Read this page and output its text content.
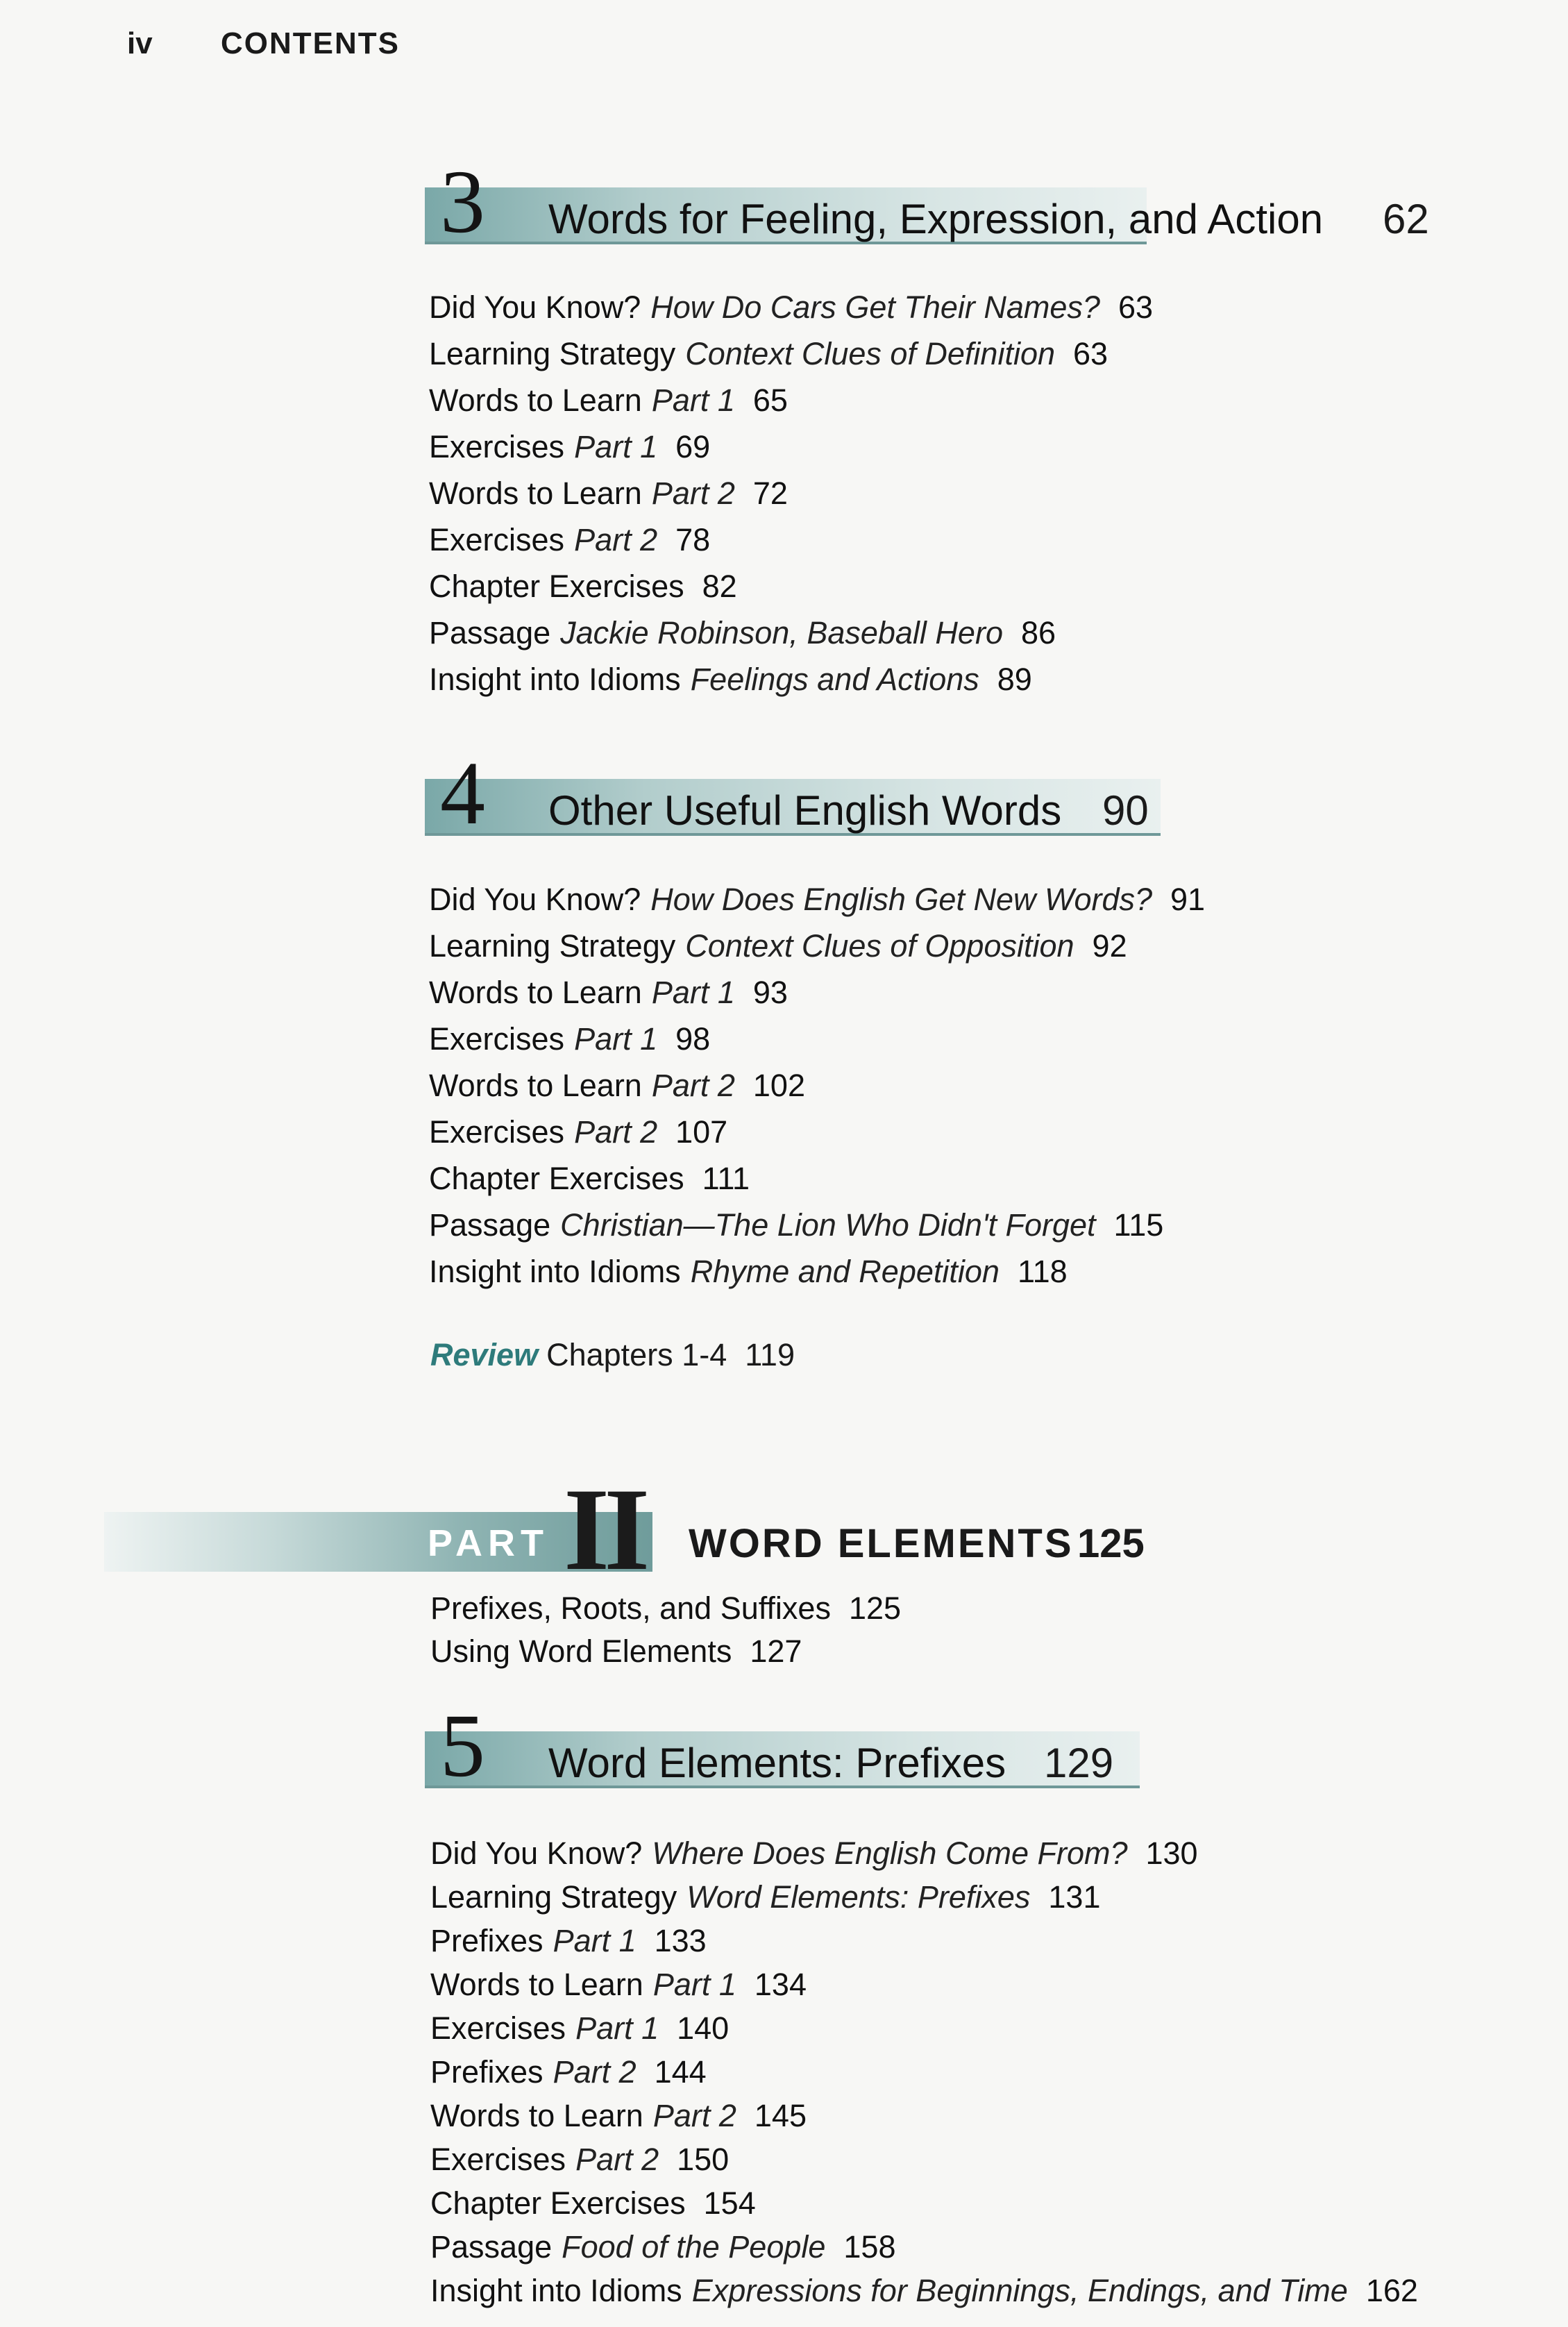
iv CONTENTS
3 Words for Feeling, Expression, and Action 62
Did You Know? How Do Cars Get Their Names? 63
Learning Strategy Context Clues of Definition 63
Words to Learn Part 1 65
Exercises Part 1 69
Words to Learn Part 2 72
Exercises Part 2 78
Chapter Exercises 82
Passage Jackie Robinson, Baseball Hero 86
Insight into Idioms Feelings and Actions 89
4 Other Useful English Words 90
Did You Know? How Does English Get New Words? 91
Learning Strategy Context Clues of Opposition 92
Words to Learn Part 1 93
Exercises Part 1 98
Words to Learn Part 2 102
Exercises Part 2 107
Chapter Exercises 111
Passage Christian—The Lion Who Didn't Forget 115
Insight into Idioms Rhyme and Repetition 118
Review Chapters 1-4 119
PART II WORD ELEMENTS 125
Prefixes, Roots, and Suffixes 125
Using Word Elements 127
5 Word Elements: Prefixes 129
Did You Know? Where Does English Come From? 130
Learning Strategy Word Elements: Prefixes 131
Prefixes Part 1 133
Words to Learn Part 1 134
Exercises Part 1 140
Prefixes Part 2 144
Words to Learn Part 2 145
Exercises Part 2 150
Chapter Exercises 154
Passage Food of the People 158
Insight into Idioms Expressions for Beginnings, Endings, and Time 162
